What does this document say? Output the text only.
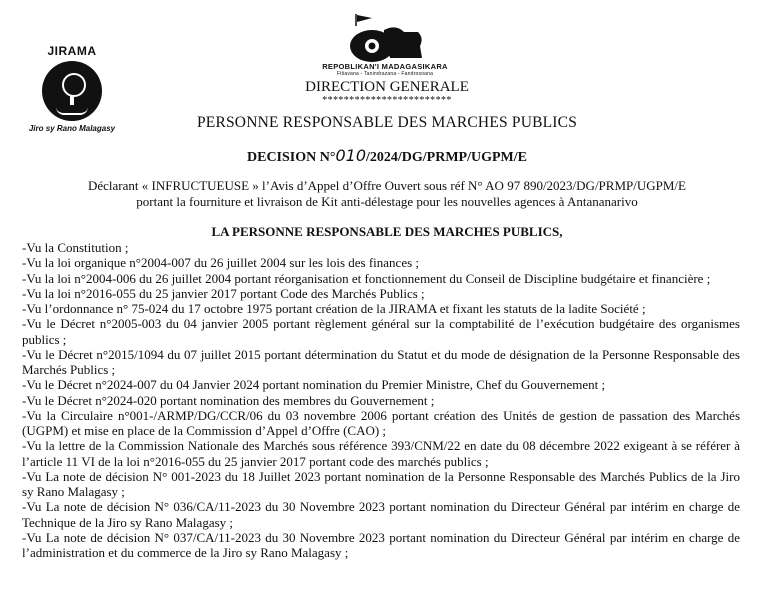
JIRAMA
Jiro sy Rano Malagasy
REPOBLIKAN'I MADAGASIKARA
Fitiavana - Tanindrazana - Fandrosoana
DIRECTION GENERALE
************************
PERSONNE RESPONSABLE DES MARCHES PUBLICS
DECISION N°010/2024/DG/PRMP/UGPM/E
Déclarant « INFRUCTUEUSE » l’Avis d’Appel d’Offre Ouvert sous réf N° AO 97 890/2023/DG/PRMP/UGPM/E
portant la fourniture et livraison de Kit anti-délestage pour les nouvelles agences à Antananarivo
LA PERSONNE RESPONSABLE DES MARCHES PUBLICS,
-Vu la Constitution ;
-Vu la loi organique n°2004-007 du 26 juillet 2004 sur les lois des finances ;
-Vu la loi n°2004-006 du 26 juillet 2004 portant réorganisation et fonctionnement du Conseil de Discipline budgétaire et financière ;
-Vu la loi n°2016-055 du 25 janvier 2017 portant Code des Marchés Publics ;
-Vu l’ordonnance n° 75-024 du 17 octobre 1975 portant création de la JIRAMA et fixant les statuts de la ladite Société ;
-Vu le Décret n°2005-003 du 04 janvier 2005 portant règlement général sur la comptabilité de l’exécution budgétaire des organismes publics ;
-Vu le Décret n°2015/1094 du 07 juillet 2015 portant détermination du Statut et du mode de désignation de la Personne Responsable des Marchés Publics ;
-Vu le Décret n°2024-007 du 04 Janvier 2024 portant nomination du Premier Ministre, Chef du Gouvernement ;
-Vu le Décret n°2024-020 portant nomination des membres du Gouvernement ;
-Vu la Circulaire n°001-/ARMP/DG/CCR/06 du 03 novembre 2006 portant création des Unités de gestion de passation des Marchés (UGPM) et mise en place de la Commission d’Appel d’Offre (CAO) ;
-Vu la lettre de la Commission Nationale des Marchés sous référence 393/CNM/22 en date du 08 décembre 2022 exigeant à se référer à l’article 11 VI de la loi n°2016-055 du 25 janvier 2017 portant code des marchés publics ;
-Vu La note de décision N° 001-2023 du 18 Juillet 2023 portant nomination de la Personne Responsable des Marchés Publics de la Jiro sy Rano Malagasy ;
-Vu La note de décision N° 036/CA/11-2023 du 30 Novembre 2023 portant nomination du Directeur Général par intérim en charge de Technique de la Jiro sy Rano Malagasy ;
-Vu La note de décision N° 037/CA/11-2023 du 30 Novembre 2023 portant nomination du Directeur Général par intérim en charge de l’administration et du commerce de la Jiro sy Rano Malagasy ;
